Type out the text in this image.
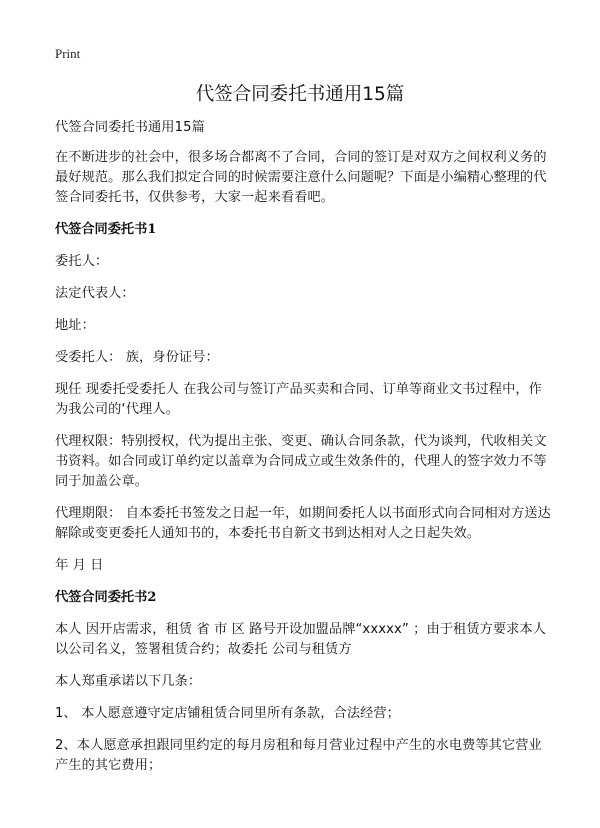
Print
代签合同委托书通用15篇

代签合同委托书通用15篇

在不断进步的社会中，很多场合都离不了合同，合同的签订是对双方之间权利义务的最好规范。那么我们拟定合同的时候需要注意什么问题呢？下面是小编精心整理的代签合同委托书，仅供参考，大家一起来看看吧。

代签合同委托书1

委托人：

法定代表人：

地址：

受委托人： 族，身份证号：

现任 现委托受委托人 在我公司与签订产品买卖和合同、订单等商业文书过程中，作为我公司的‘代理人。

代理权限：特别授权，代为提出主张、变更、确认合同条款，代为谈判，代收相关文书资料。如合同或订单约定以盖章为合同成立或生效条件的，代理人的签字效力不等同于加盖公章。

代理期限： 自本委托书签发之日起一年，如期间委托人以书面形式向合同相对方送达解除或变更委托人通知书的，本委托书自新文书到达相对人之日起失效。

年 月 日

代签合同委托书2

本人 因开店需求，租赁 省 市 区 路号开设加盟品牌“xxxxx” ；由于租赁方要求本人以公司名义，签署租赁合约；故委托 公司与租赁方

本人郑重承诺以下几条：

1、 本人愿意遵守定店铺租赁合同里所有条款，合法经营；

2、本人愿意承担跟同里约定的每月房租和每月营业过程中产生的水电费等其它营业产生的其它费用；
